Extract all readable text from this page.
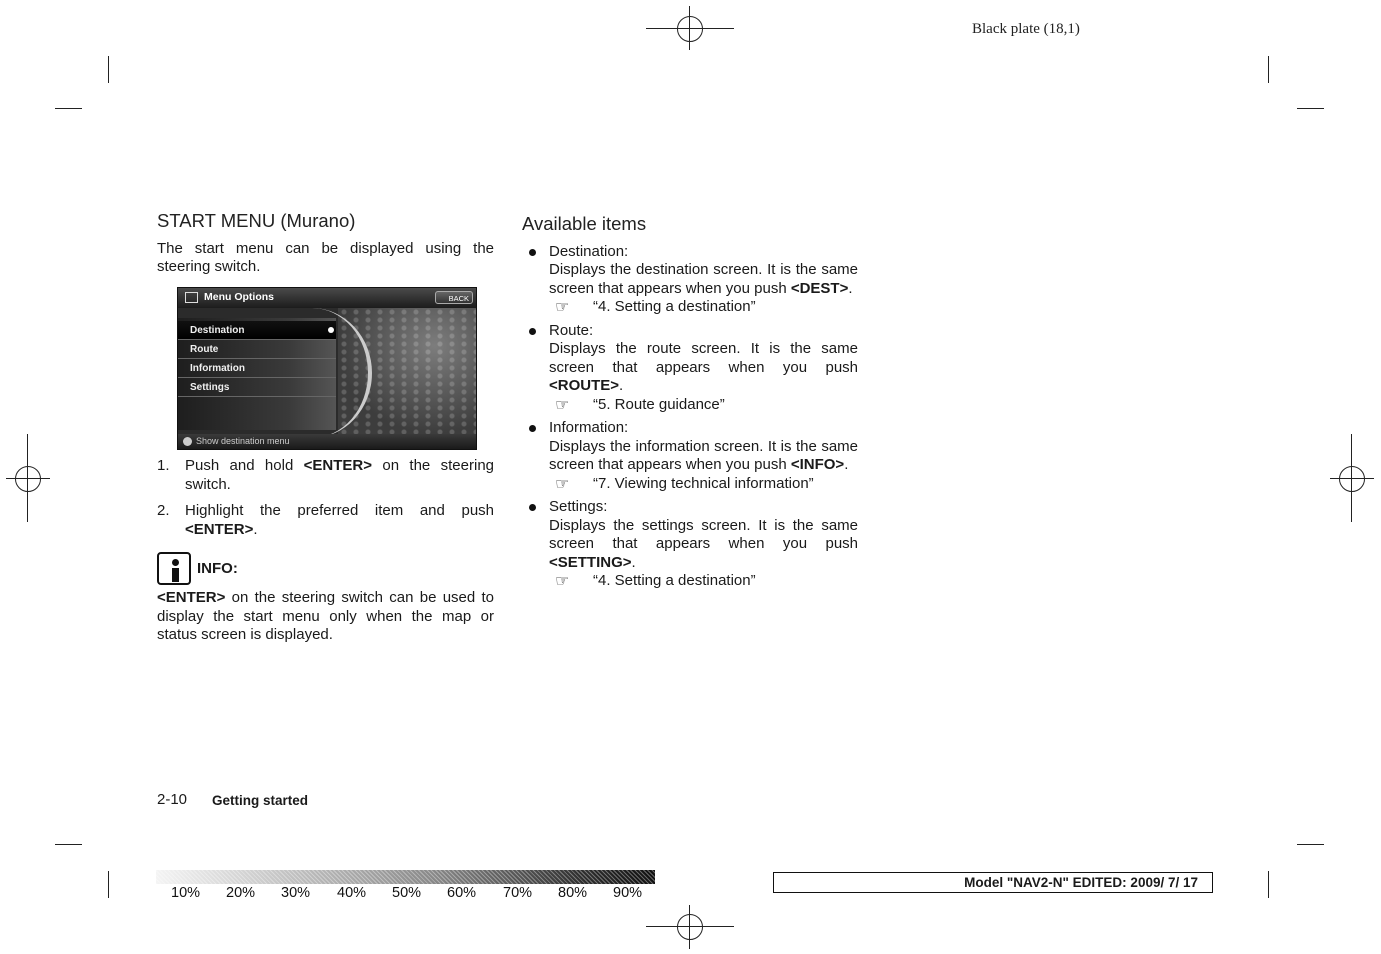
Black plate (18,1)
START MENU (Murano)

The start menu can be displayed using the steering switch.

Menu Options	BACK
Destination
Route
Information
Settings
Show destination menu
1. Push and hold <ENTER> on the steering switch.
2. Highlight the preferred item and push <ENTER>.
INFO:

<ENTER> on the steering switch can be used to display the start menu only when the map or status screen is displayed.

Available items
Destination:

Displays the destination screen. It is the same screen that appears when you push <DEST>.

☞ “4. Setting a destination”
Route:

Displays the route screen. It is the same screen that appears when you push <ROUTE>.

☞ “5. Route guidance”
Information:

Displays the information screen. It is the same screen that appears when you push <INFO>.

☞ “7. Viewing technical information”
Settings:

Displays the settings screen. It is the same screen that appears when you push <SETTING>.

☞ “4. Setting a destination”
2-10 Getting started
10% 20% 30% 40% 50% 60% 70% 80% 90%
Model "NAV2-N" EDITED: 2009/ 7/ 17
